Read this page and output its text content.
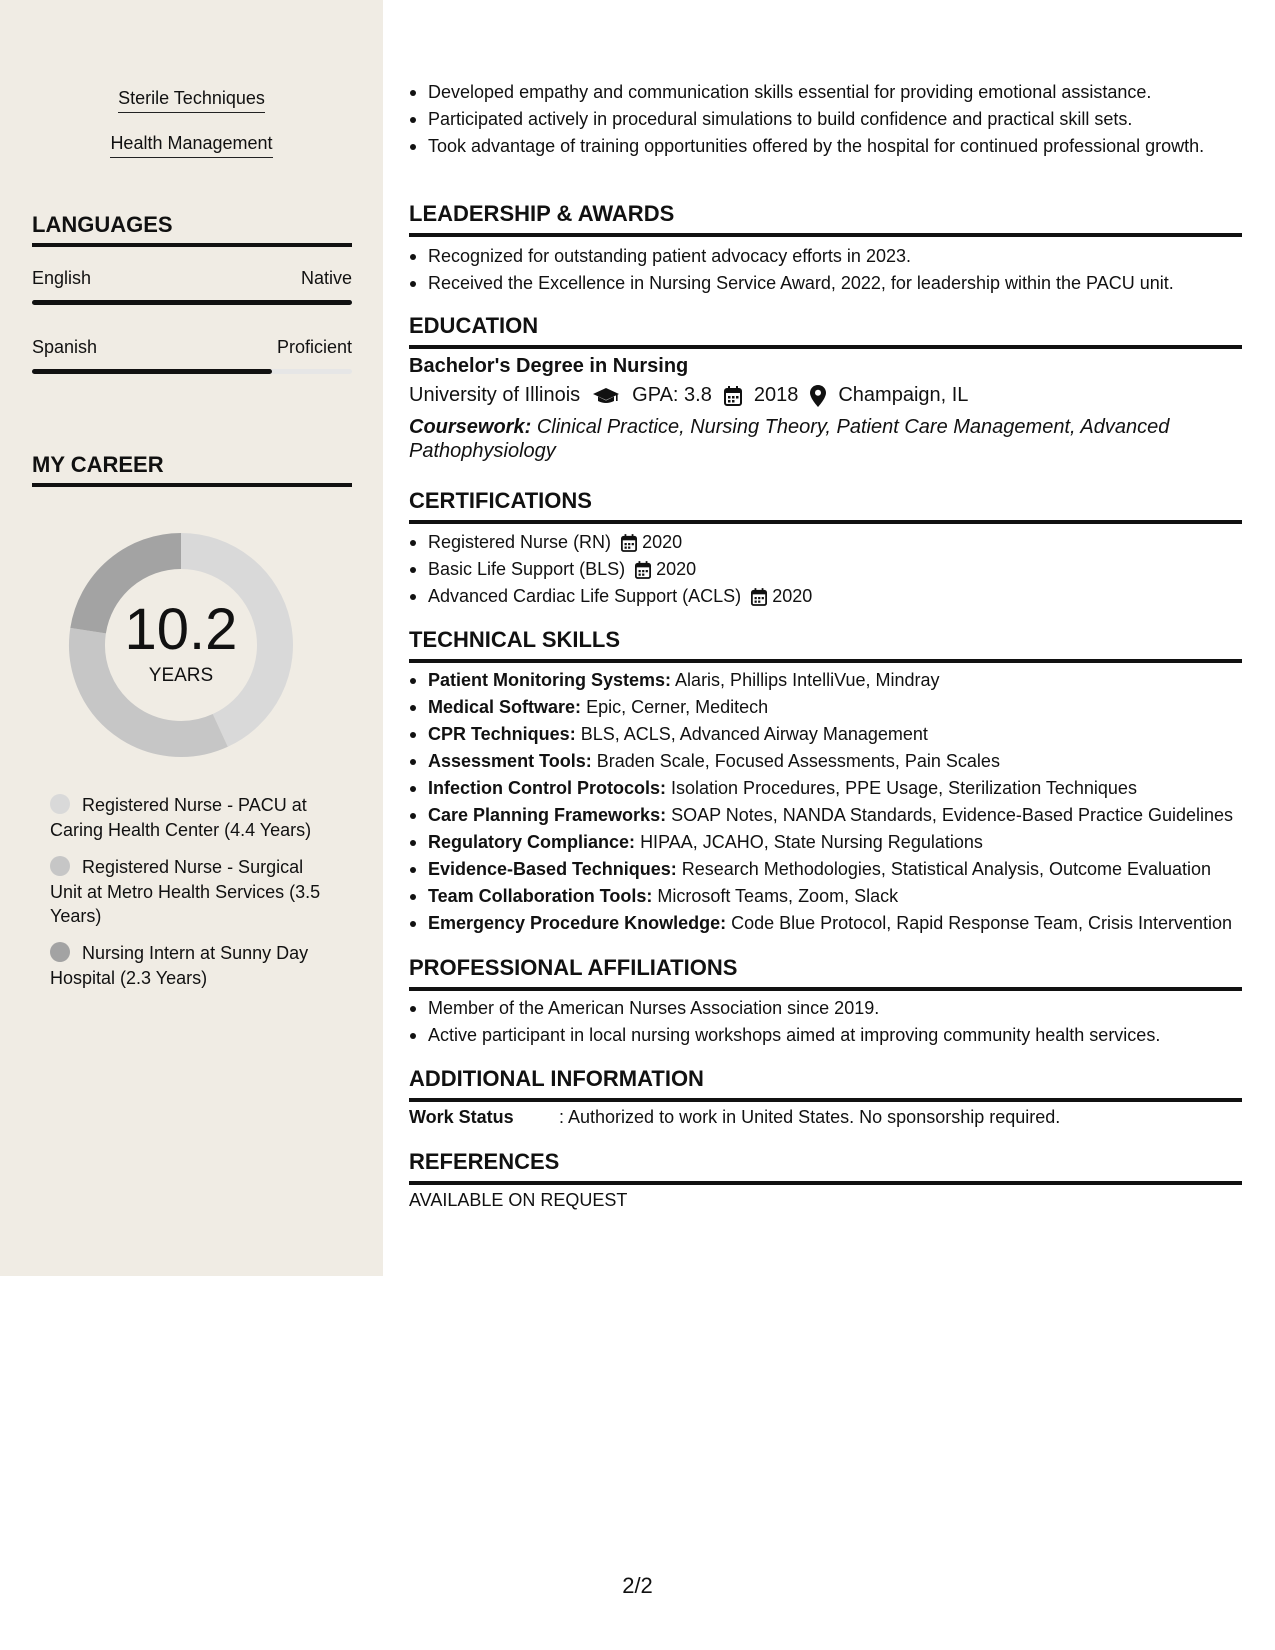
Sterile Techniques
Health Management
LANGUAGES
English	Native
Spanish	Proficient
MY CAREER
10.2
YEARS
Registered Nurse - PACU at Caring Health Center (4.4 Years)
Registered Nurse - Surgical Unit at Metro Health Services (3.5 Years)
Nursing Intern at Sunny Day Hospital (2.3 Years)
Developed empathy and communication skills essential for providing emotional assistance.
Participated actively in procedural simulations to build confidence and practical skill sets.
Took advantage of training opportunities offered by the hospital for continued professional growth.
LEADERSHIP & AWARDS
Recognized for outstanding patient advocacy efforts in 2023.
Received the Excellence in Nursing Service Award, 2022, for leadership within the PACU unit.
EDUCATION
Bachelor's Degree in Nursing
University of Illinois	GPA: 3.8 2018 Champaign, IL
Coursework: Clinical Practice, Nursing Theory, Patient Care Management, Advanced Pathophysiology
CERTIFICATIONS
Registered Nurse (RN) 2020
Basic Life Support (BLS) 2020
Advanced Cardiac Life Support (ACLS) 2020
TECHNICAL SKILLS
Patient Monitoring Systems: Alaris, Phillips IntelliVue, Mindray
Medical Software: Epic, Cerner, Meditech
CPR Techniques: BLS, ACLS, Advanced Airway Management
Assessment Tools: Braden Scale, Focused Assessments, Pain Scales
Infection Control Protocols: Isolation Procedures, PPE Usage, Sterilization Techniques
Care Planning Frameworks: SOAP Notes, NANDA Standards, Evidence-Based Practice Guidelines
Regulatory Compliance: HIPAA, JCAHO, State Nursing Regulations
Evidence-Based Techniques: Research Methodologies, Statistical Analysis, Outcome Evaluation
Team Collaboration Tools: Microsoft Teams, Zoom, Slack
Emergency Procedure Knowledge: Code Blue Protocol, Rapid Response Team, Crisis Intervention
PROFESSIONAL AFFILIATIONS
Member of the American Nurses Association since 2019.
Active participant in local nursing workshops aimed at improving community health services.
ADDITIONAL INFORMATION
Work Status	: Authorized to work in United States. No sponsorship required.
REFERENCES
AVAILABLE ON REQUEST
2/2
